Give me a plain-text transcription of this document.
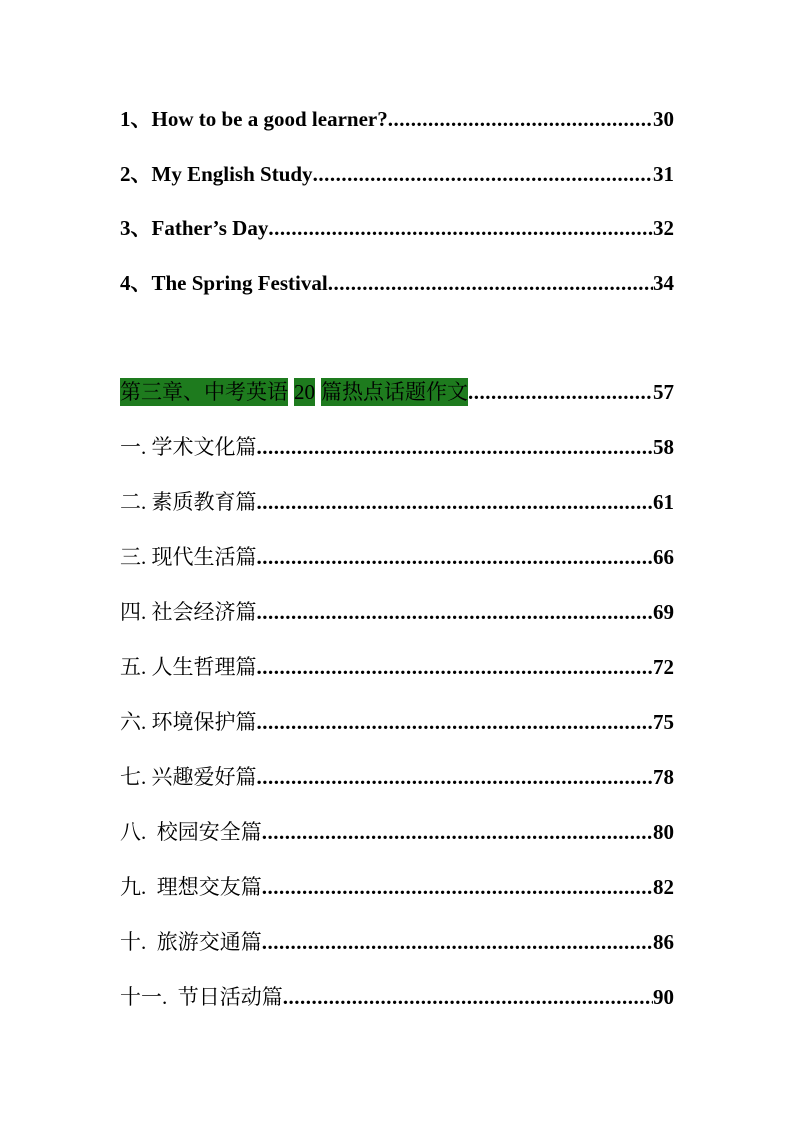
1、How to be a good learner? .....	30
2、My English Study .....	31
3、Father’s Day .....	32
4、The Spring Festival .....	34
第三章、中考英语 20 篇热点话题作文 .....	57
一. 学术文化篇 .....	58
二. 素质教育篇 .....	61
三. 现代生活篇 .....	66
四. 社会经济篇 .....	69
五. 人生哲理篇 .....	72
六. 环境保护篇 .....	75
七. 兴趣爱好篇 .....	78
八.  校园安全篇 .....	80
九.  理想交友篇 .....	82
十.  旅游交通篇 .....	86
十一.  节日活动篇 .....	90
